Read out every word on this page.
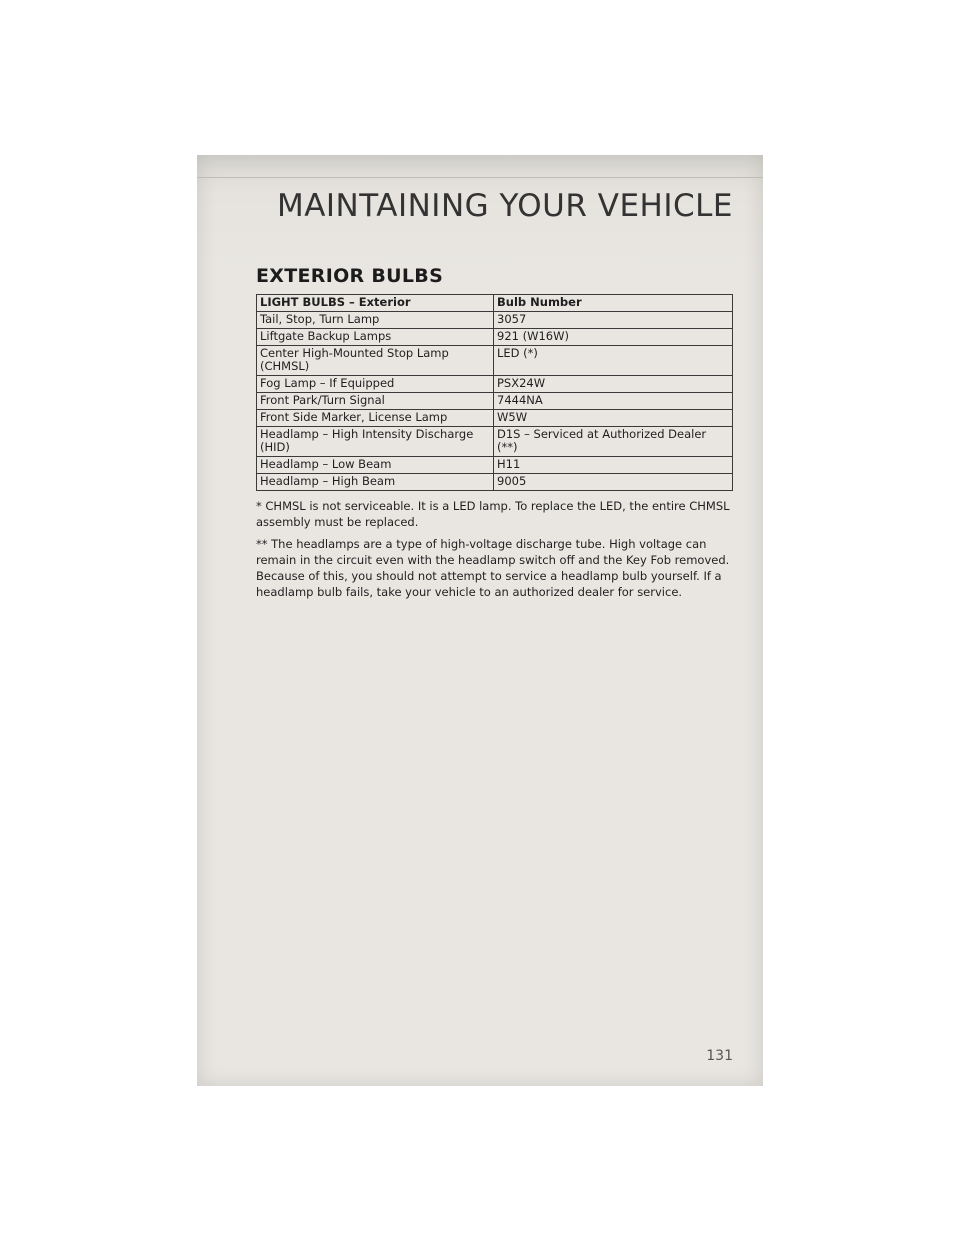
MAINTAINING YOUR VEHICLE
EXTERIOR BULBS
LIGHT BULBS – Exterior	Bulb Number
Tail, Stop, Turn Lamp	3057
Liftgate Backup Lamps	921 (W16W)
Center High-Mounted Stop Lamp (CHMSL)	LED (*)
Fog Lamp – If Equipped	PSX24W
Front Park/Turn Signal	7444NA
Front Side Marker, License Lamp	W5W
Headlamp – High Intensity Discharge (HID)	D1S – Serviced at Authorized Dealer (**)
Headlamp – Low Beam	H11
Headlamp – High Beam	9005

* CHMSL is not serviceable. It is a LED lamp. To replace the LED, the entire CHMSL assembly must be replaced.

** The headlamps are a type of high-voltage discharge tube. High voltage can remain in the circuit even with the headlamp switch off and the Key Fob removed. Because of this, you should not attempt to service a headlamp bulb yourself. If a headlamp bulb fails, take your vehicle to an authorized dealer for service.

131
